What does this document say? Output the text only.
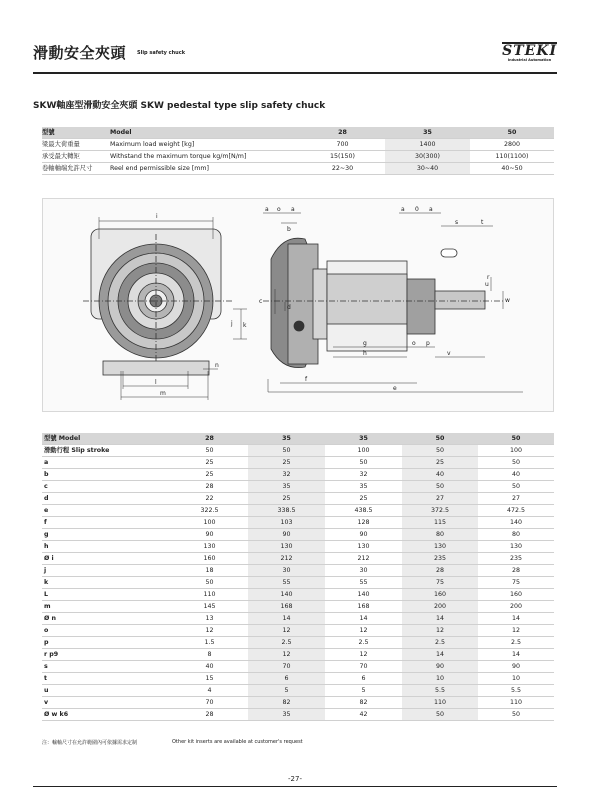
滑動安全夾頭 Slip safety chuck	STEKI
Industrial Automation
SKW軸座型滑動安全夾頭 SKW pedestal type slip safety chuck
型號	Model	28	35	50
梁最大荷重量	Maximum load weight [kg]	700	1400	2800
承受最大轉矩	Withstand the maximum torque kg/m[N/m]	15(150)	30(300)	110(1100)
卷軸軸端允許尺寸	Reel end permissible size [mm]	22~30	30~40	40~50
i
l
m
j k
n
a o a
b
c
d
a 0 a
s	t
u
r
w
g
h
o p
v
f
e
型號 Model	28	35	35	50	50
滑動行程 Slip stroke	50	50	100	50	100
a	25	25	50	25	50
b	25	32	32	40	40
c	28	35	35	50	50
d	22	25	25	27	27
e	322.5	338.5	438.5	372.5	472.5
f	100	103	128	115	140
g	90	90	90	80	80
h	130	130	130	130	130
Ø i	160	212	212	235	235
j	18	30	30	28	28
k	50	55	55	75	75
L	110	140	140	160	160
m	145	168	168	200	200
Ø n	13	14	14	14	14
o	12	12	12	12	12
p	1.5	2.5	2.5	2.5	2.5
r p9	8	12	12	14	14
s	40	70	70	90	90
t	15	6	6	10	10
u	4	5	5	5.5	5.5
v	70	82	82	110	110
Ø w k6	28	35	42	50	50
注：輸軸尺寸在允許範圍內可依據需求定制	Other kit inserts are available at customer's request
-27-
